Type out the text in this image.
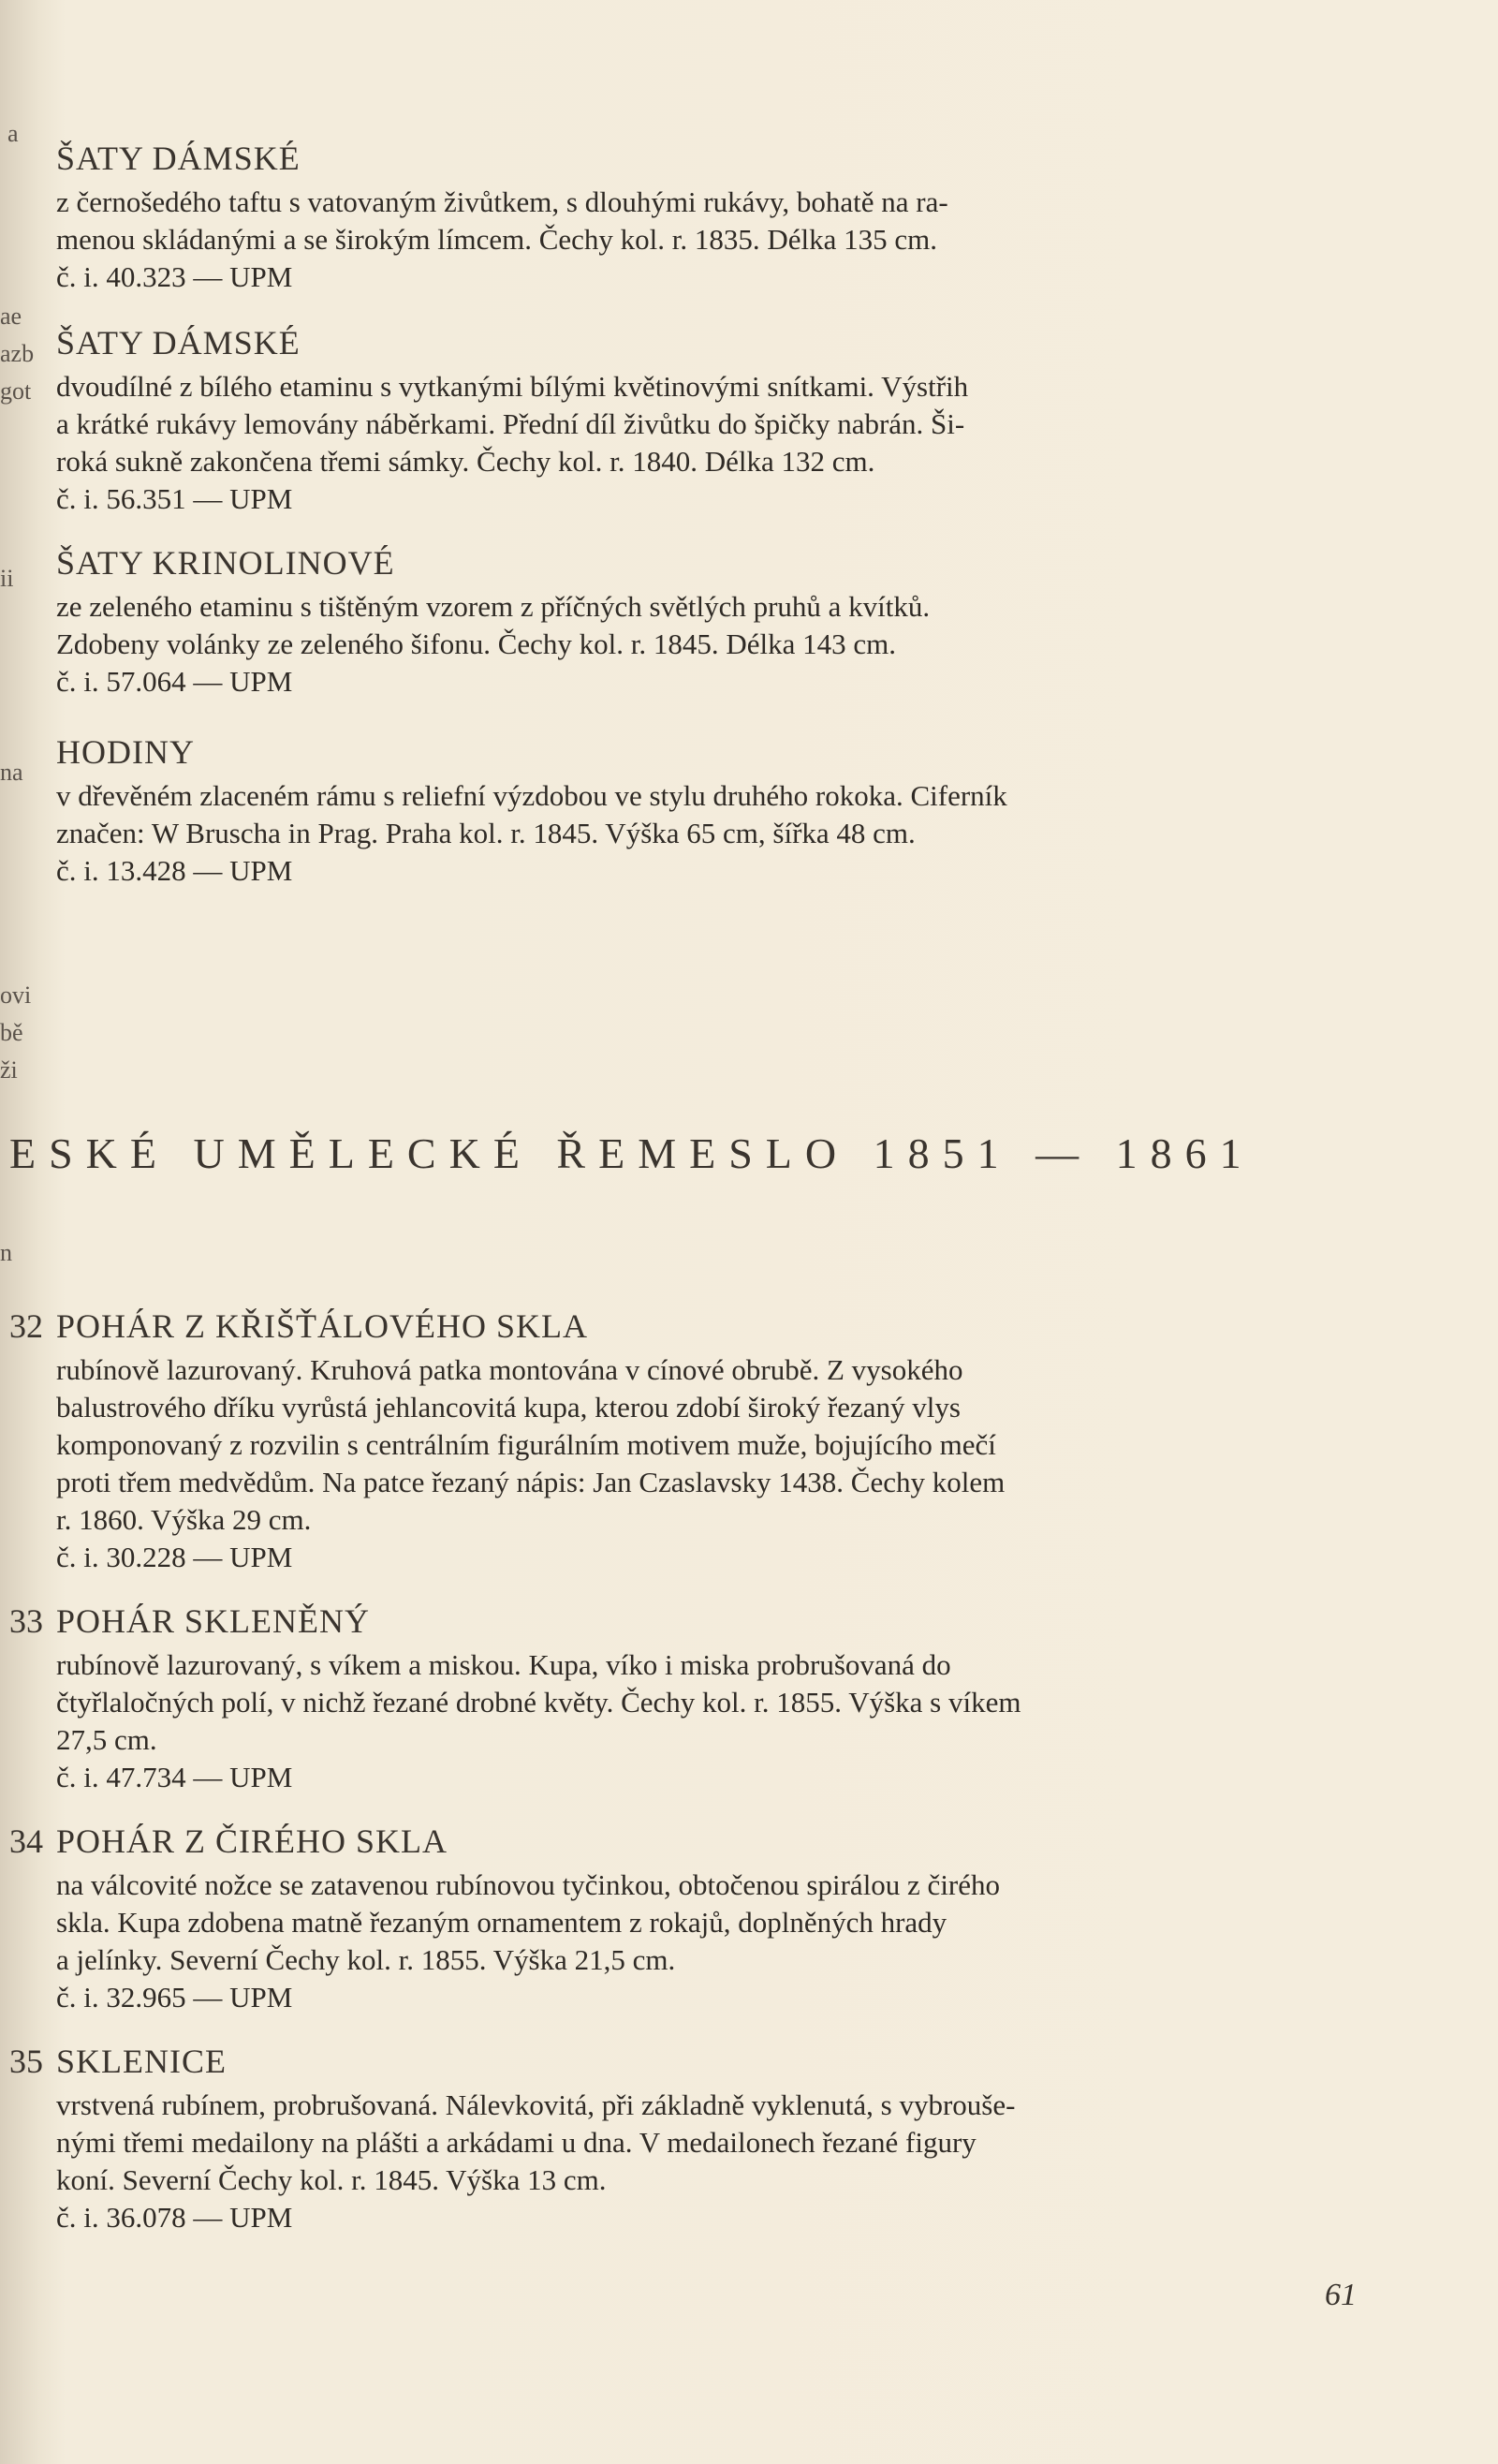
a
ae
azb
got
ii
na
ovi
bě
ži
n
ŠATY DÁMSKÉ

z černošedého taftu s vatovaným živůtkem, s dlouhými rukávy, bohatě na ra-
menou skládanými a se širokým límcem. Čechy kol. r. 1835. Délka 135 cm.

č. i. 40.323 — UPM

ŠATY DÁMSKÉ

dvoudílné z bílého etaminu s vytkanými bílými květinovými snítkami. Výstřih
a krátké rukávy lemovány náběrkami. Přední díl živůtku do špičky nabrán. Ši-
roká sukně zakončena třemi sámky. Čechy kol. r. 1840. Délka 132 cm.

č. i. 56.351 — UPM

ŠATY KRINOLINOVÉ

ze zeleného etaminu s tištěným vzorem z příčných světlých pruhů a kvítků.
Zdobeny volánky ze zeleného šifonu. Čechy kol. r. 1845. Délka 143 cm.

č. i. 57.064 — UPM

HODINY

v dřevěném zlaceném rámu s reliefní výzdobou ve stylu druhého rokoka. Ciferník
značen: W Bruscha in Prag. Praha kol. r. 1845. Výška 65 cm, šířka 48 cm.

č. i. 13.428 — UPM

ESKÉ UMĚLECKÉ ŘEMESLO 1851 — 1861
32 POHÁR Z KŘIŠŤÁLOVÉHO SKLA

rubínově lazurovaný. Kruhová patka montována v cínové obrubě. Z vysokého
balustrového dříku vyrůstá jehlancovitá kupa, kterou zdobí široký řezaný vlys
komponovaný z rozvilin s centrálním figurálním motivem muže, bojujícího mečí
proti třem medvědům. Na patce řezaný nápis: Jan Czaslavsky 1438. Čechy kolem
r. 1860. Výška 29 cm.

č. i. 30.228 — UPM

33 POHÁR SKLENĚNÝ

rubínově lazurovaný, s víkem a miskou. Kupa, víko i miska probrušovaná do
čtyřlaločných polí, v nichž řezané drobné květy. Čechy kol. r. 1855. Výška s víkem
27,5 cm.

č. i. 47.734 — UPM

34 POHÁR Z ČIRÉHO SKLA

na válcovité nožce se zatavenou rubínovou tyčinkou, obtočenou spirálou z čirého
skla. Kupa zdobena matně řezaným ornamentem z rokajů, doplněných hrady
a jelínky. Severní Čechy kol. r. 1855. Výška 21,5 cm.

č. i. 32.965 — UPM

35 SKLENICE

vrstvená rubínem, probrušovaná. Nálevkovitá, při základně vyklenutá, s vybrouše-
nými třemi medailony na plášti a arkádami u dna. V medailonech řezané figury
koní. Severní Čechy kol. r. 1845. Výška 13 cm.

č. i. 36.078 — UPM

61
